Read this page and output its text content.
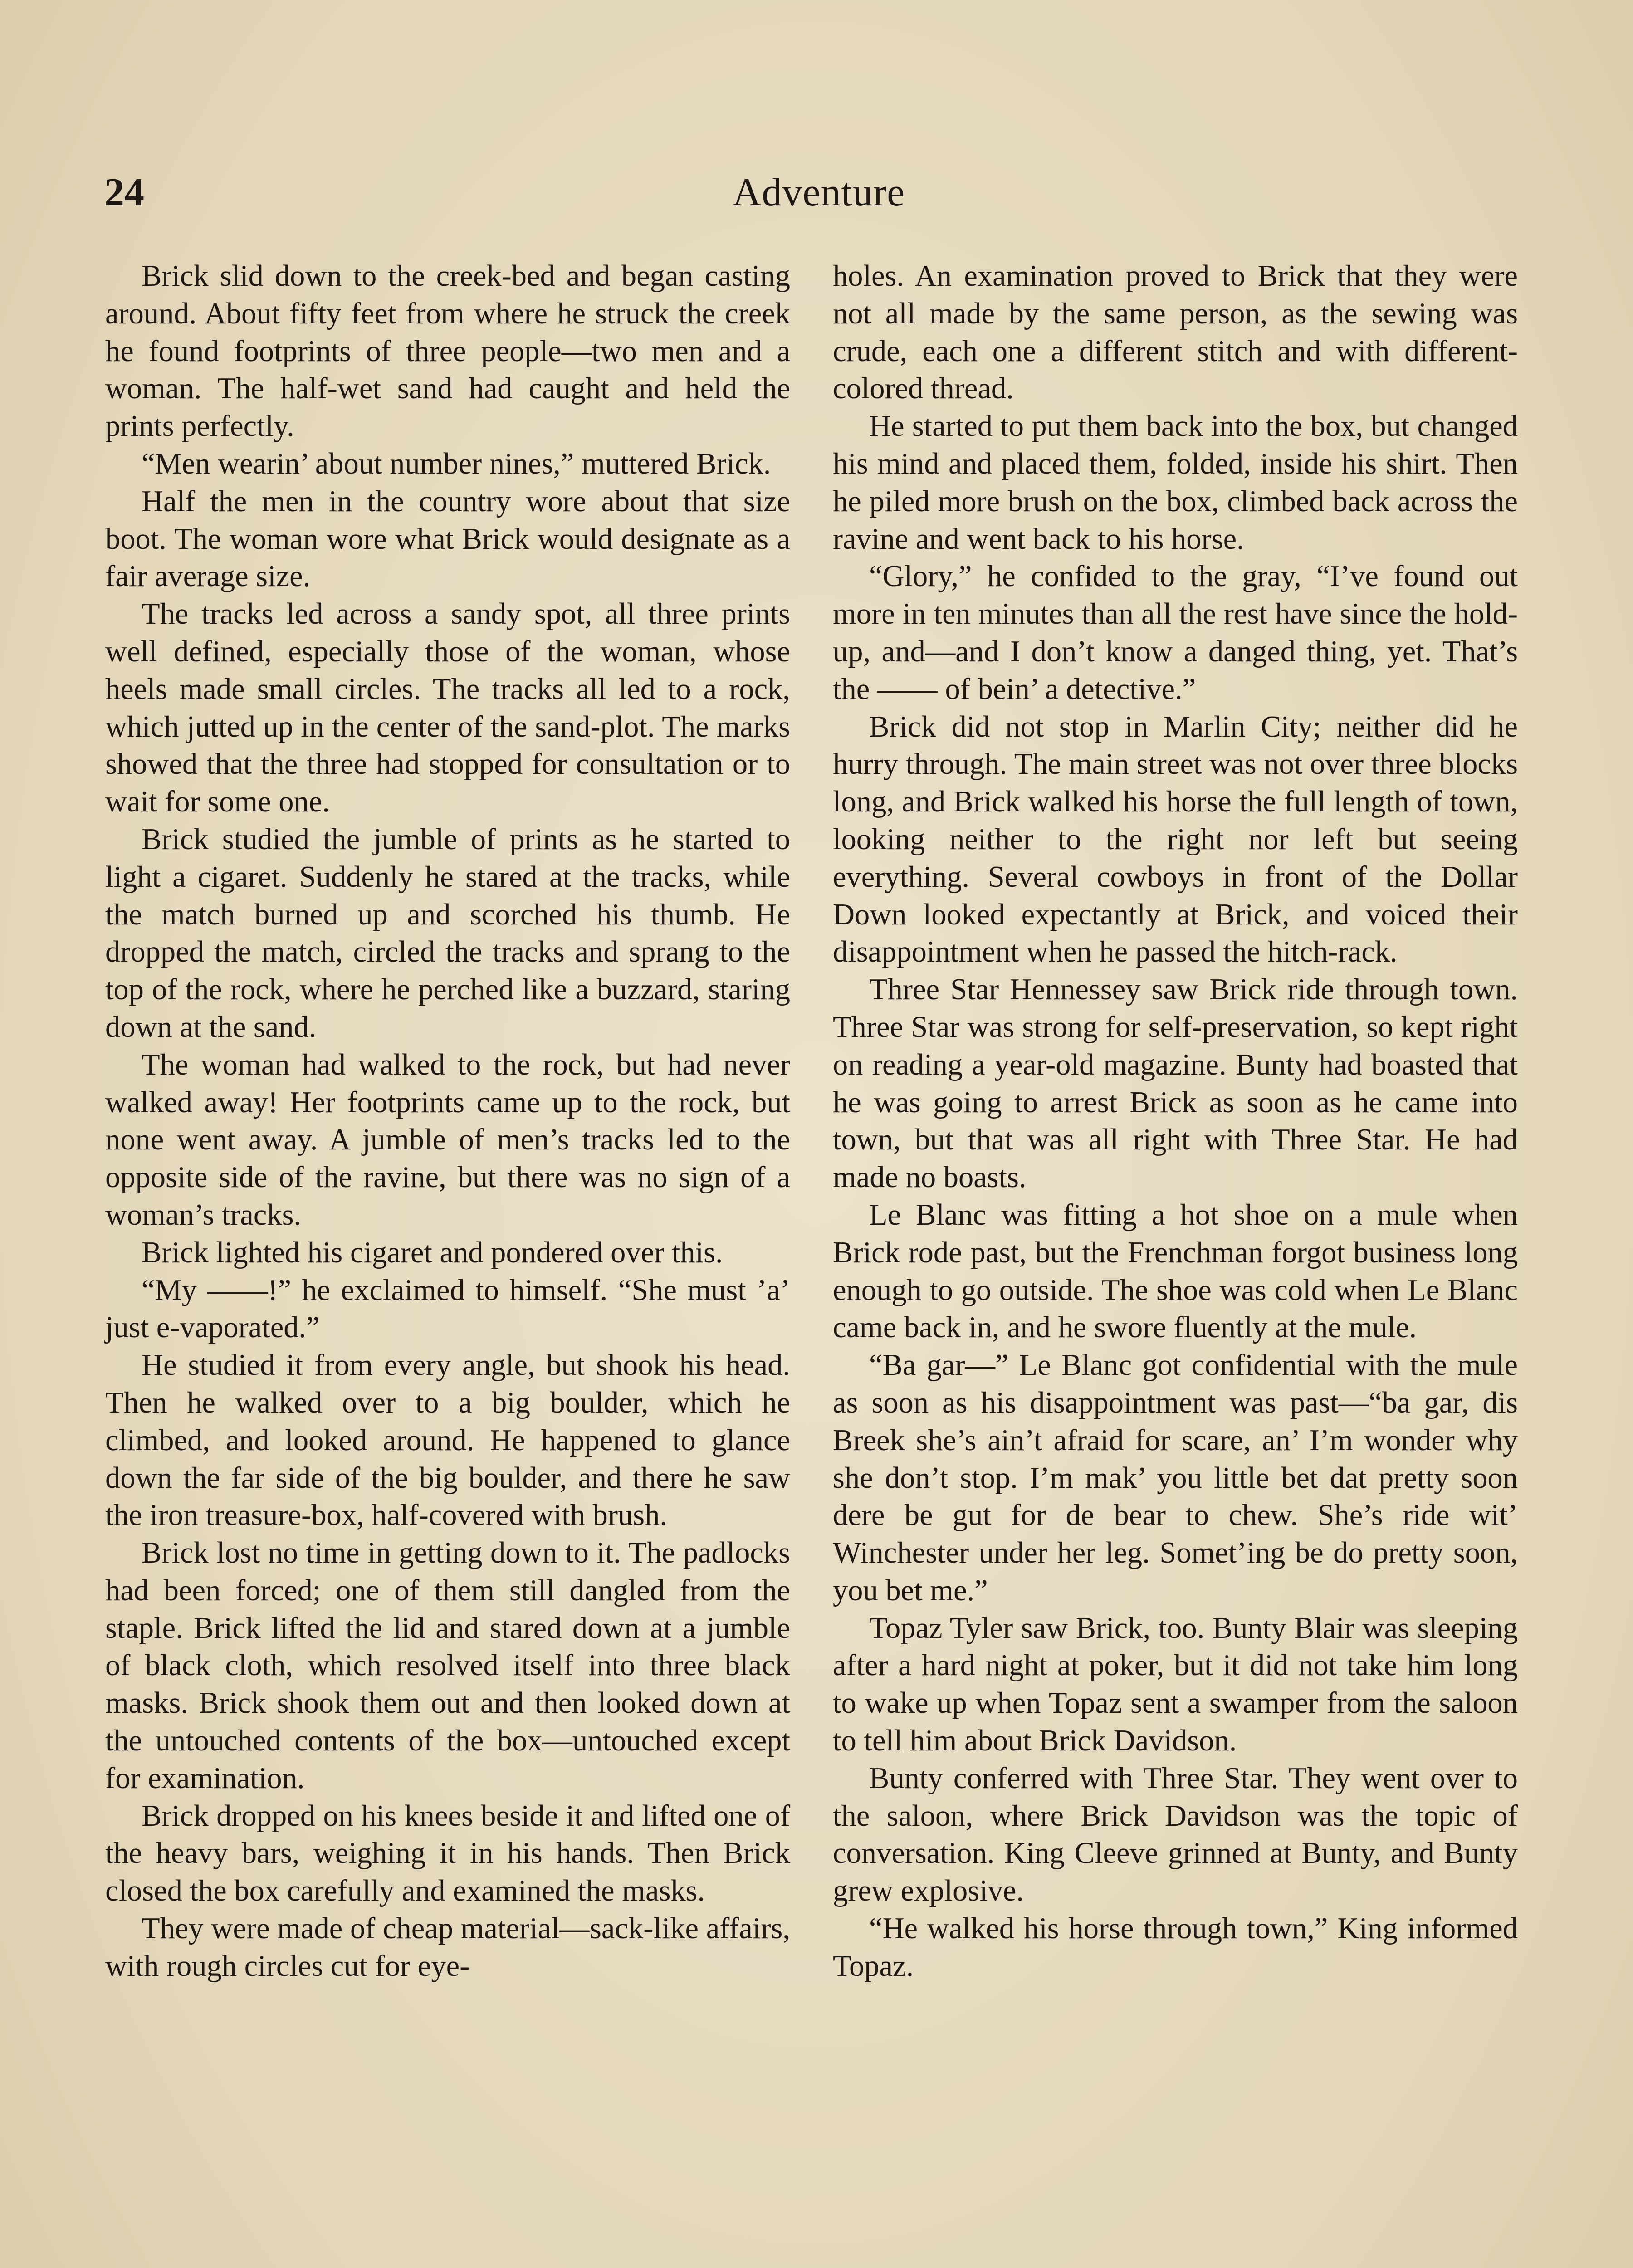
24	Adventure

Brick slid down to the creek-bed and began casting around. About fifty feet from where he struck the creek he found footprints of three people—two men and a woman. The half-wet sand had caught and held the prints perfectly.

“Men wearin’ about number nines,” muttered Brick.

Half the men in the country wore about that size boot. The woman wore what Brick would designate as a fair average size.

The tracks led across a sandy spot, all three prints well defined, especially those of the woman, whose heels made small circles. The tracks all led to a rock, which jutted up in the center of the sand-plot. The marks showed that the three had stopped for consultation or to wait for some one.

Brick studied the jumble of prints as he started to light a cigaret. Suddenly he stared at the tracks, while the match burned up and scorched his thumb. He dropped the match, circled the tracks and sprang to the top of the rock, where he perched like a buzzard, staring down at the sand.

The woman had walked to the rock, but had never walked away! Her footprints came up to the rock, but none went away. A jumble of men’s tracks led to the opposite side of the ravine, but there was no sign of a woman’s tracks.

Brick lighted his cigaret and pondered over this.

“My ——!” he exclaimed to himself. “She must ’a’ just e-vaporated.”

He studied it from every angle, but shook his head. Then he walked over to a big boulder, which he climbed, and looked around. He happened to glance down the far side of the big boulder, and there he saw the iron treasure-box, half-covered with brush.

Brick lost no time in getting down to it. The padlocks had been forced; one of them still dangled from the staple. Brick lifted the lid and stared down at a jumble of black cloth, which resolved itself into three black masks. Brick shook them out and then looked down at the untouched contents of the box—untouched except for examination.

Brick dropped on his knees beside it and lifted one of the heavy bars, weighing it in his hands. Then Brick closed the box carefully and examined the masks.

They were made of cheap material—sack-like affairs, with rough circles cut for eye-

holes. An examination proved to Brick that they were not all made by the same person, as the sewing was crude, each one a different stitch and with different-colored thread.

He started to put them back into the box, but changed his mind and placed them, folded, inside his shirt. Then he piled more brush on the box, climbed back across the ravine and went back to his horse.

“Glory,” he confided to the gray, “I’ve found out more in ten minutes than all the rest have since the hold-up, and—and I don’t know a danged thing, yet. That’s the —— of bein’ a detective.”

Brick did not stop in Marlin City; neither did he hurry through. The main street was not over three blocks long, and Brick walked his horse the full length of town, looking neither to the right nor left but seeing everything. Several cowboys in front of the Dollar Down looked expectantly at Brick, and voiced their disappointment when he passed the hitch-rack.

Three Star Hennessey saw Brick ride through town. Three Star was strong for self-preservation, so kept right on reading a year-old magazine. Bunty had boasted that he was going to arrest Brick as soon as he came into town, but that was all right with Three Star. He had made no boasts.

Le Blanc was fitting a hot shoe on a mule when Brick rode past, but the Frenchman forgot business long enough to go outside. The shoe was cold when Le Blanc came back in, and he swore fluently at the mule.

“Ba gar—” Le Blanc got confidential with the mule as soon as his disappointment was past—“ba gar, dis Breek she’s ain’t afraid for scare, an’ I’m wonder why she don’t stop. I’m mak’ you little bet dat pretty soon dere be gut for de bear to chew. She’s ride wit’ Winchester under her leg. Somet’ing be do pretty soon, you bet me.”

Topaz Tyler saw Brick, too. Bunty Blair was sleeping after a hard night at poker, but it did not take him long to wake up when Topaz sent a swamper from the saloon to tell him about Brick Davidson.

Bunty conferred with Three Star. They went over to the saloon, where Brick Davidson was the topic of conversation. King Cleeve grinned at Bunty, and Bunty grew explosive.

“He walked his horse through town,” King informed Topaz.
